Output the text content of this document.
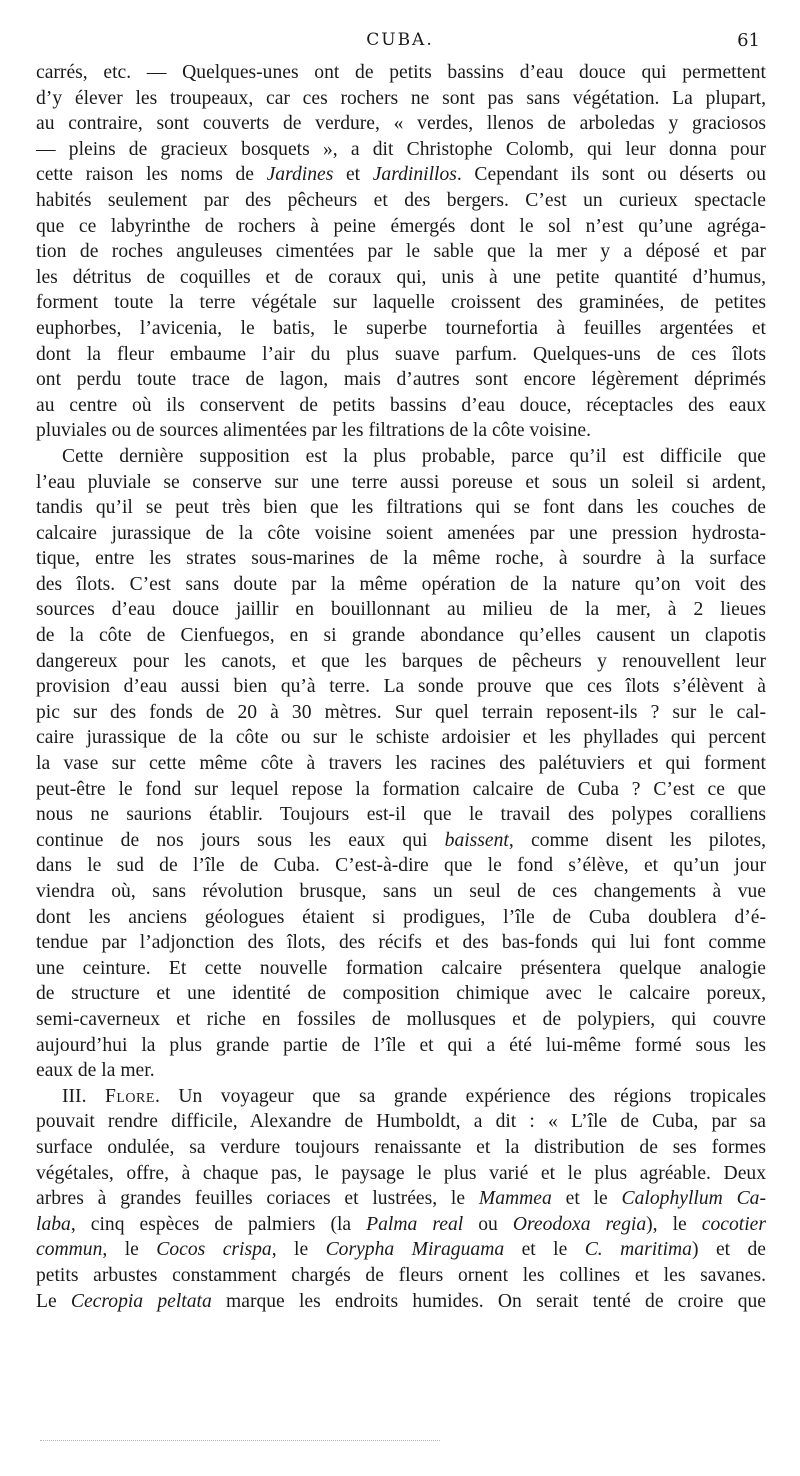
CUBA.	61
carrés, etc. — Quelques-unes ont de petits bassins d’eau douce qui permettent
d’y élever les troupeaux, car ces rochers ne sont pas sans végétation. La plupart,
au contraire, sont couverts de verdure, « verdes, llenos de arboledas y graciosos
— pleins de gracieux bosquets », a dit Christophe Colomb, qui leur donna pour
cette raison les noms de Jardines et Jardinillos. Cependant ils sont ou déserts ou
habités seulement par des pêcheurs et des bergers. C’est un curieux spectacle
que ce labyrinthe de rochers à peine émergés dont le sol n’est qu’une agréga-
tion de roches anguleuses cimentées par le sable que la mer y a déposé et par
les détritus de coquilles et de coraux qui, unis à une petite quantité d’humus,
forment toute la terre végétale sur laquelle croissent des graminées, de petites
euphorbes, l’avicenia, le batis, le superbe tournefortia à feuilles argentées et
dont la fleur embaume l’air du plus suave parfum. Quelques-uns de ces îlots
ont perdu toute trace de lagon, mais d’autres sont encore légèrement déprimés
au centre où ils conservent de petits bassins d’eau douce, réceptacles des eaux
pluviales ou de sources alimentées par les filtrations de la côte voisine.
Cette dernière supposition est la plus probable, parce qu’il est difficile que
l’eau pluviale se conserve sur une terre aussi poreuse et sous un soleil si ardent,
tandis qu’il se peut très bien que les filtrations qui se font dans les couches de
calcaire jurassique de la côte voisine soient amenées par une pression hydrosta-
tique, entre les strates sous-marines de la même roche, à sourdre à la surface
des îlots. C’est sans doute par la même opération de la nature qu’on voit des
sources d’eau douce jaillir en bouillonnant au milieu de la mer, à 2 lieues
de la côte de Cienfuegos, en si grande abondance qu’elles causent un clapotis
dangereux pour les canots, et que les barques de pêcheurs y renouvellent leur
provision d’eau aussi bien qu’à terre. La sonde prouve que ces îlots s’élèvent à
pic sur des fonds de 20 à 30 mètres. Sur quel terrain reposent-ils ? sur le cal-
caire jurassique de la côte ou sur le schiste ardoisier et les phyllades qui percent
la vase sur cette même côte à travers les racines des palétuviers et qui forment
peut-être le fond sur lequel repose la formation calcaire de Cuba ? C’est ce que
nous ne saurions établir. Toujours est-il que le travail des polypes coralliens
continue de nos jours sous les eaux qui baissent, comme disent les pilotes,
dans le sud de l’île de Cuba. C’est-à-dire que le fond s’élève, et qu’un jour
viendra où, sans révolution brusque, sans un seul de ces changements à vue
dont les anciens géologues étaient si prodigues, l’île de Cuba doublera d’é-
tendue par l’adjonction des îlots, des récifs et des bas-fonds qui lui font comme
une ceinture. Et cette nouvelle formation calcaire présentera quelque analogie
de structure et une identité de composition chimique avec le calcaire poreux,
semi-caverneux et riche en fossiles de mollusques et de polypiers, qui couvre
aujourd’hui la plus grande partie de l’île et qui a été lui-même formé sous les
eaux de la mer.
III. Flore. Un voyageur que sa grande expérience des régions tropicales
pouvait rendre difficile, Alexandre de Humboldt, a dit : « L’île de Cuba, par sa
surface ondulée, sa verdure toujours renaissante et la distribution de ses formes
végétales, offre, à chaque pas, le paysage le plus varié et le plus agréable. Deux
arbres à grandes feuilles coriaces et lustrées, le Mammea et le Calophyllum Ca-
laba, cinq espèces de palmiers (la Palma real ou Oreodoxa regia), le cocotier
commun, le Cocos crispa, le Corypha Miraguama et le C. maritima) et de
petits arbustes constamment chargés de fleurs ornent les collines et les savanes.
Le Cecropia peltata marque les endroits humides. On serait tenté de croire que
